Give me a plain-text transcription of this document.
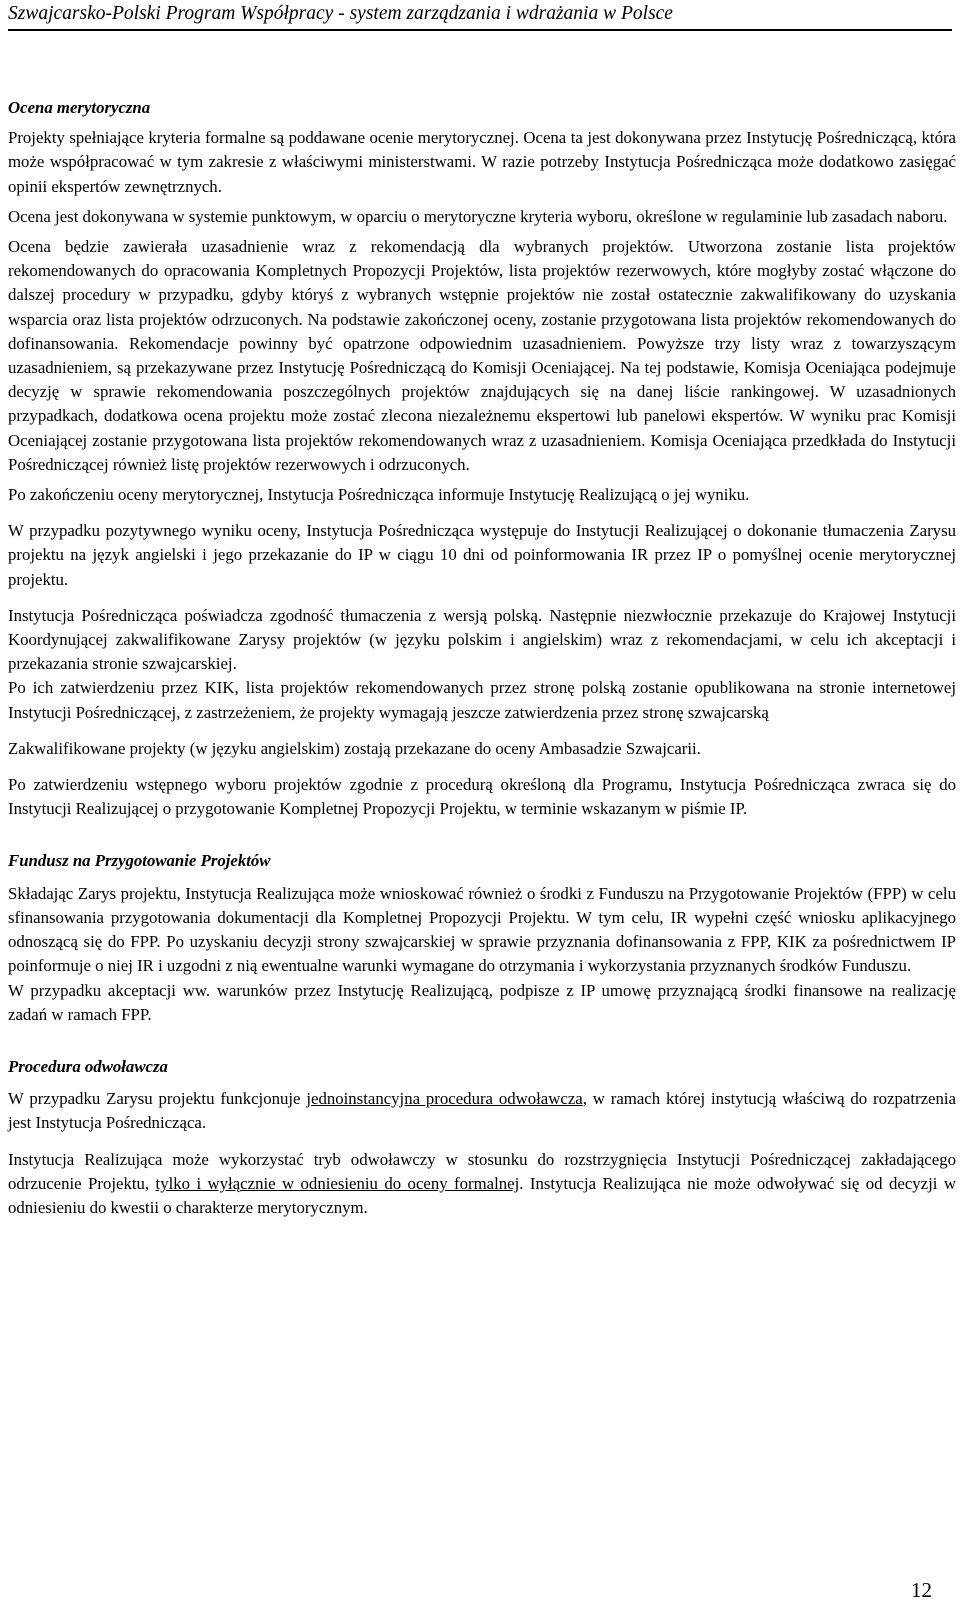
Szwajcarsko-Polski Program Współpracy - system zarządzania i wdrażania w Polsce
Ocena merytoryczna

Projekty spełniające kryteria formalne są poddawane ocenie merytorycznej. Ocena ta jest dokonywana przez Instytucję Pośredniczącą, która może współpracować w tym zakresie z właściwymi ministerstwami. W razie potrzeby Instytucja Pośrednicząca może dodatkowo zasięgać opinii ekspertów zewnętrznych.

Ocena jest dokonywana w systemie punktowym, w oparciu o merytoryczne kryteria wyboru, określone w regulaminie lub zasadach naboru.

Ocena będzie zawierała uzasadnienie wraz z rekomendacją dla wybranych projektów. Utworzona zostanie lista projektów rekomendowanych do opracowania Kompletnych Propozycji Projektów, lista projektów rezerwowych, które mogłyby zostać włączone do dalszej procedury w przypadku, gdyby któryś z wybranych wstępnie projektów nie został ostatecznie zakwalifikowany do uzyskania wsparcia oraz lista projektów odrzuconych. Na podstawie zakończonej oceny, zostanie przygotowana lista projektów rekomendowanych do dofinansowania. Rekomendacje powinny być opatrzone odpowiednim uzasadnieniem. Powyższe trzy listy wraz z towarzyszącym uzasadnieniem, są przekazywane przez Instytucję Pośredniczącą do Komisji Oceniającej. Na tej podstawie, Komisja Oceniająca podejmuje decyzję w sprawie rekomendowania poszczególnych projektów znajdujących się na danej liście rankingowej. W uzasadnionych przypadkach, dodatkowa ocena projektu może zostać zlecona niezależnemu ekspertowi lub panelowi ekspertów. W wyniku prac Komisji Oceniającej zostanie przygotowana lista projektów rekomendowanych wraz z uzasadnieniem. Komisja Oceniająca przedkłada do Instytucji Pośredniczącej również listę projektów rezerwowych i odrzuconych.

Po zakończeniu oceny merytorycznej, Instytucja Pośrednicząca informuje Instytucję Realizującą o jej wyniku.

W przypadku pozytywnego wyniku oceny, Instytucja Pośrednicząca występuje do Instytucji Realizującej o dokonanie tłumaczenia Zarysu projektu na język angielski i jego przekazanie do IP w ciągu 10 dni od poinformowania IR przez IP o pomyślnej ocenie merytorycznej projektu.

Instytucja Pośrednicząca poświadcza zgodność tłumaczenia z wersją polską. Następnie niezwłocznie przekazuje do Krajowej Instytucji Koordynującej zakwalifikowane Zarysy projektów (w języku polskim i angielskim) wraz z rekomendacjami, w celu ich akceptacji i przekazania stronie szwajcarskiej.

Po ich zatwierdzeniu przez KIK, lista projektów rekomendowanych przez stronę polską zostanie opublikowana na stronie internetowej Instytucji Pośredniczącej, z zastrzeżeniem, że projekty wymagają jeszcze zatwierdzenia przez stronę szwajcarską

Zakwalifikowane projekty (w języku angielskim) zostają przekazane do oceny Ambasadzie Szwajcarii.

Po zatwierdzeniu wstępnego wyboru projektów zgodnie z procedurą określoną dla Programu, Instytucja Pośrednicząca zwraca się do Instytucji Realizującej o przygotowanie Kompletnej Propozycji Projektu, w terminie wskazanym w piśmie IP.

Fundusz na Przygotowanie Projektów

Składając Zarys projektu, Instytucja Realizująca może wnioskować również o środki z Funduszu na Przygotowanie Projektów (FPP) w celu sfinansowania przygotowania dokumentacji dla Kompletnej Propozycji Projektu. W tym celu, IR wypełni część wniosku aplikacyjnego odnoszącą się do FPP. Po uzyskaniu decyzji strony szwajcarskiej w sprawie przyznania dofinansowania z FPP, KIK za pośrednictwem IP poinformuje o niej IR i uzgodni z nią ewentualne warunki wymagane do otrzymania i wykorzystania przyznanych środków Funduszu.

W przypadku akceptacji ww. warunków przez Instytucję Realizującą, podpisze z IP umowę przyznającą środki finansowe na realizację zadań w ramach FPP.

Procedura odwoławcza

W przypadku Zarysu projektu funkcjonuje jednoinstancyjna procedura odwoławcza, w ramach której instytucją właściwą do rozpatrzenia jest Instytucja Pośrednicząca.

Instytucja Realizująca może wykorzystać tryb odwoławczy w stosunku do rozstrzygnięcia Instytucji Pośredniczącej zakładającego odrzucenie Projektu, tylko i wyłącznie w odniesieniu do oceny formalnej. Instytucja Realizująca nie może odwoływać się od decyzji w odniesieniu do kwestii o charakterze merytorycznym.

12
